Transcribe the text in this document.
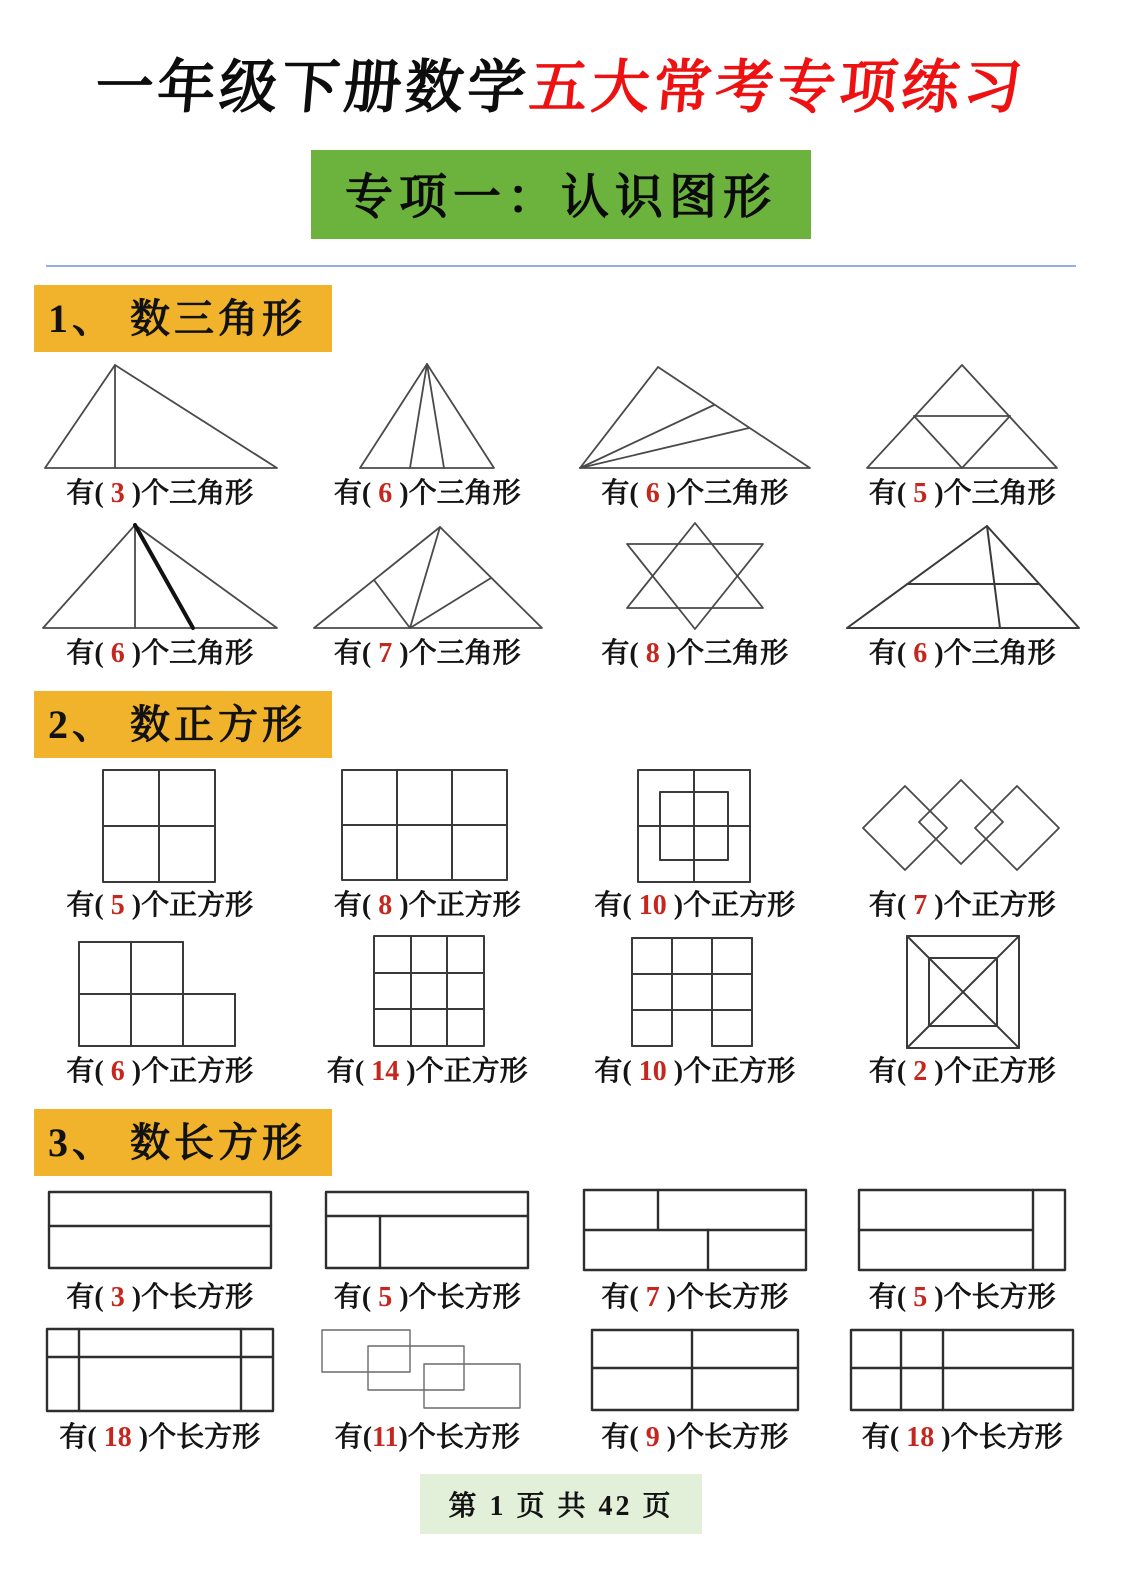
一年级下册数学五大常考专项练习
专项一：认识图形
1、 数三角形
有( 3 )个三角形	有( 6 )个三角形	有( 6 )个三角形	有( 5 )个三角形
有( 6 )个三角形	有( 7 )个三角形	有( 8 )个三角形	有( 6 )个三角形
2、 数正方形
有( 5 )个正方形	有( 8 )个正方形	有( 10 )个正方形	有( 7 )个正方形
有( 6 )个正方形	有( 14 )个正方形 有( 10 )个正方形	有( 2 )个正方形
3、 数长方形
有( 3 )个长方形	有( 5 )个长方形	有( 7 )个长方形	有( 5 )个长方形
有( 18 )个长方形	有(11)个长方形	有( 9 )个长方形	有( 18 )个长方形
第 1 页 共 42 页
